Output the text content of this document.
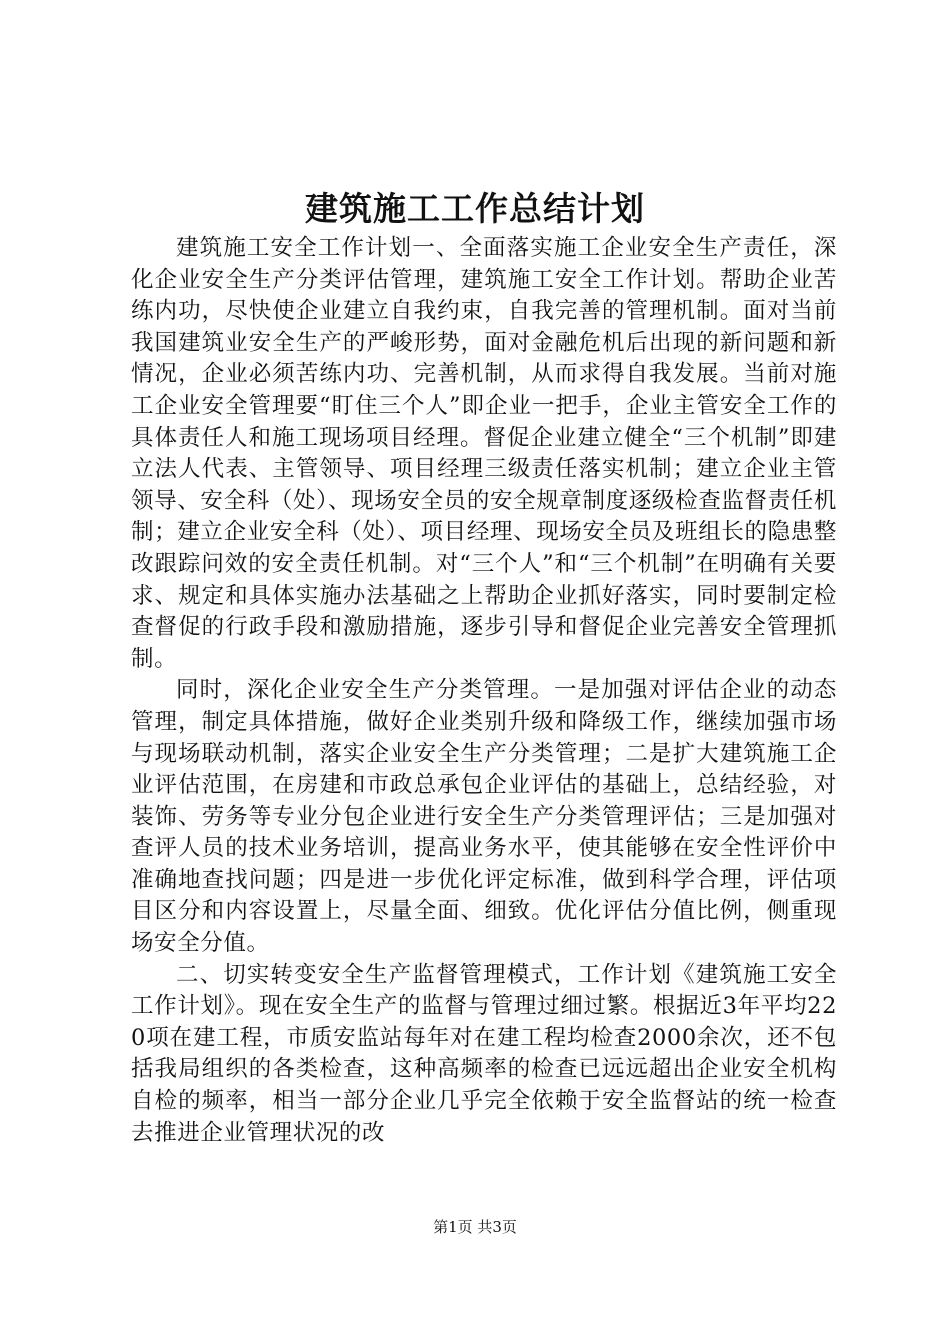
建筑施工工作总结计划

建筑施工安全工作计划一、全面落实施工企业安全生产责任，深化企业安全生产分类评估管理，建筑施工安全工作计划。帮助企业苦练内功，尽快使企业建立自我约束，自我完善的管理机制。面对当前我国建筑业安全生产的严峻形势，面对金融危机后出现的新问题和新情况，企业必须苦练内功、完善机制，从而求得自我发展。当前对施工企业安全管理要“盯住三个人”即企业一把手，企业主管安全工作的具体责任人和施工现场项目经理。督促企业建立健全“三个机制”即建立法人代表、主管领导、项目经理三级责任落实机制；建立企业主管领导、安全科（处）、现场安全员的安全规章制度逐级检查监督责任机制；建立企业安全科（处）、项目经理、现场安全员及班组长的隐患整改跟踪问效的安全责任机制。对“三个人”和“三个机制”在明确有关要求、规定和具体实施办法基础之上帮助企业抓好落实，同时要制定检查督促的行政手段和激励措施，逐步引导和督促企业完善安全管理抓制。

同时，深化企业安全生产分类管理。一是加强对评估企业的动态管理，制定具体措施，做好企业类别升级和降级工作，继续加强市场与现场联动机制，落实企业安全生产分类管理；二是扩大建筑施工企业评估范围，在房建和市政总承包企业评估的基础上，总结经验，对装饰、劳务等专业分包企业进行安全生产分类管理评估；三是加强对查评人员的技术业务培训，提高业务水平，使其能够在安全性评价中准确地查找问题；四是进一步优化评定标准，做到科学合理，评估项目区分和内容设置上，尽量全面、细致。优化评估分值比例，侧重现场安全分值。

二、切实转变安全生产监督管理模式，工作计划《建筑施工安全工作计划》。现在安全生产的监督与管理过细过繁。根据近3年平均220项在建工程，市质安监站每年对在建工程均检查2000余次，还不包括我局组织的各类检查，这种高频率的检查已远远超出企业安全机构自检的频率，相当一部分企业几乎完全依赖于安全监督站的统一检查去推进企业管理状况的改

第1页 共3页
